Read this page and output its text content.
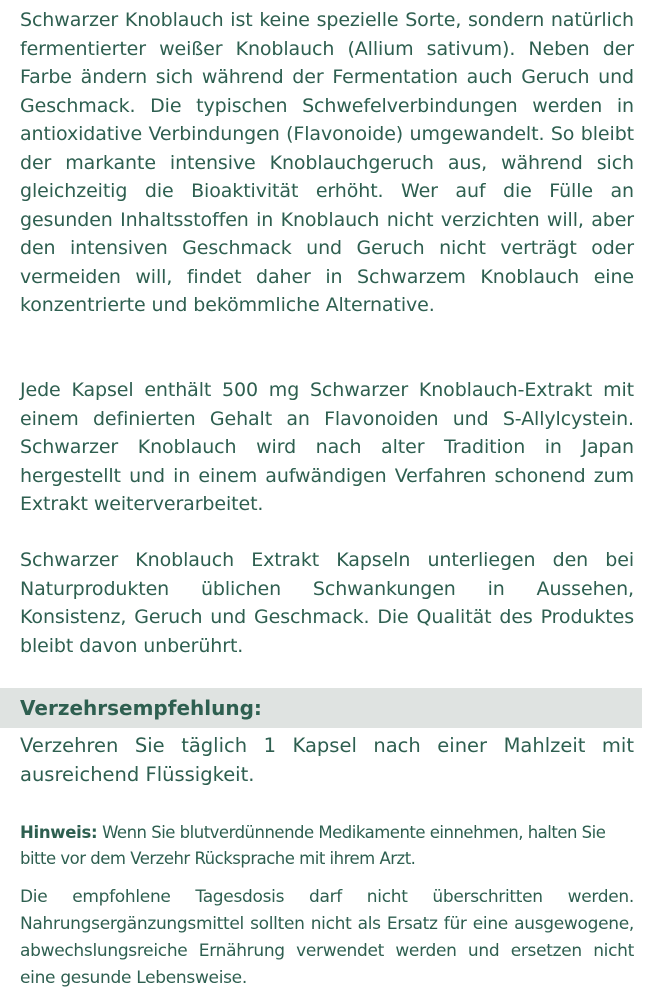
Schwarzer Knoblauch ist keine spezielle Sorte, sondern natürlich fermentierter weißer Knoblauch (Allium sativum). Neben der Farbe ändern sich während der Fermentation auch Geruch und Geschmack. Die typischen Schwefelverbindungen werden in antioxidative Verbindungen (Flavonoide) umgewandelt. So bleibt der markante intensive Knoblauchgeruch aus, während sich gleichzeitig die Bioaktivität erhöht. Wer auf die Fülle an gesunden Inhaltsstoffen in Knoblauch nicht verzichten will, aber den intensiven Geschmack und Geruch nicht verträgt oder vermeiden will, findet daher in Schwarzem Knoblauch eine konzentrierte und bekömmliche Alternative.

Jede Kapsel enthält 500 mg Schwarzer Knoblauch-Extrakt mit einem definierten Gehalt an Flavonoiden und S-Allylcystein. Schwarzer Knoblauch wird nach alter Tradition in Japan hergestellt und in einem aufwändigen Verfahren schonend zum Extrakt weiterverarbeitet.

Schwarzer Knoblauch Extrakt Kapseln unterliegen den bei Naturprodukten üblichen Schwankungen in Aussehen, Konsistenz, Geruch und Geschmack. Die Qualität des Produktes bleibt davon unberührt.

Verzehrsempfehlung:

Verzehren Sie täglich 1 Kapsel nach einer Mahlzeit mit ausreichend Flüssigkeit.

Hinweis: Wenn Sie blutverdünnende Medikamente einnehmen, halten Sie bitte vor dem Verzehr Rücksprache mit ihrem Arzt.

Die empfohlene Tagesdosis darf nicht überschritten werden. Nahrungsergänzungsmittel sollten nicht als Ersatz für eine ausgewogene, abwechslungsreiche Ernährung verwendet werden und ersetzen nicht eine gesunde Lebensweise.
